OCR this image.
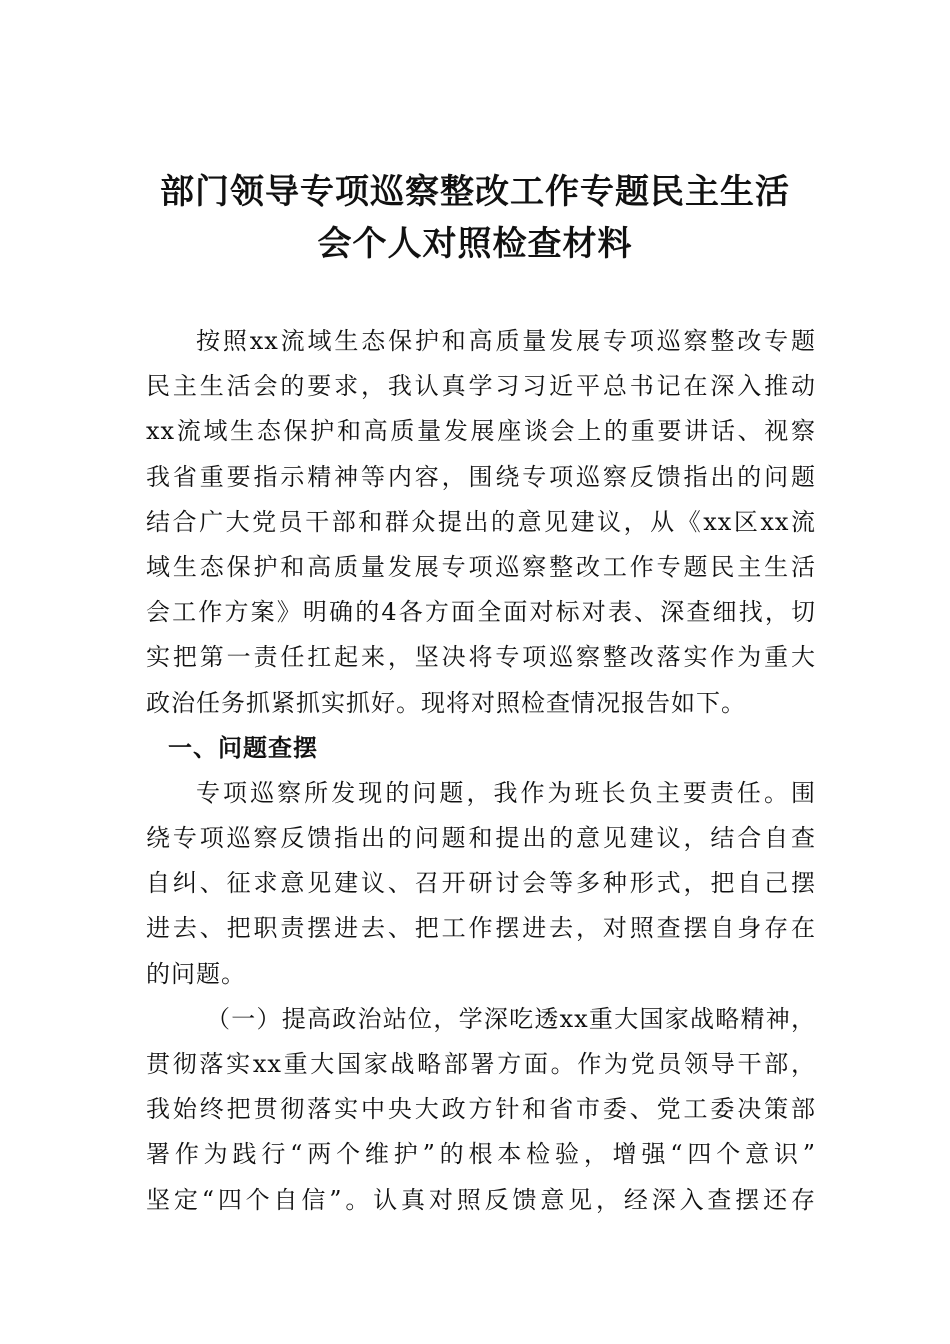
部门领导专项巡察整改工作专题民主生活
会个人对照检查材料
按照xx流域生态保护和高质量发展专项巡察整改专题
民主生活会的要求，我认真学习习近平总书记在深入推动
xx流域生态保护和高质量发展座谈会上的重要讲话、视察
我省重要指示精神等内容，围绕专项巡察反馈指出的问题
结合广大党员干部和群众提出的意见建议，从《xx区xx流
域生态保护和高质量发展专项巡察整改工作专题民主生活
会工作方案》明确的4各方面全面对标对表、深查细找，切
实把第一责任扛起来，坚决将专项巡察整改落实作为重大
政治任务抓紧抓实抓好。现将对照检查情况报告如下。
一、问题查摆
专项巡察所发现的问题，我作为班长负主要责任。围
绕专项巡察反馈指出的问题和提出的意见建议，结合自查
自纠、征求意见建议、召开研讨会等多种形式，把自己摆
进去、把职责摆进去、把工作摆进去，对照查摆自身存在
的问题。
（一）提高政治站位，学深吃透xx重大国家战略精神，
贯彻落实xx重大国家战略部署方面。作为党员领导干部，
我始终把贯彻落实中央大政方针和省市委、党工委决策部
署作为践行“两个维护”的根本检验，增强“四个意识”
坚定“四个自信”。认真对照反馈意见，经深入查摆还存
